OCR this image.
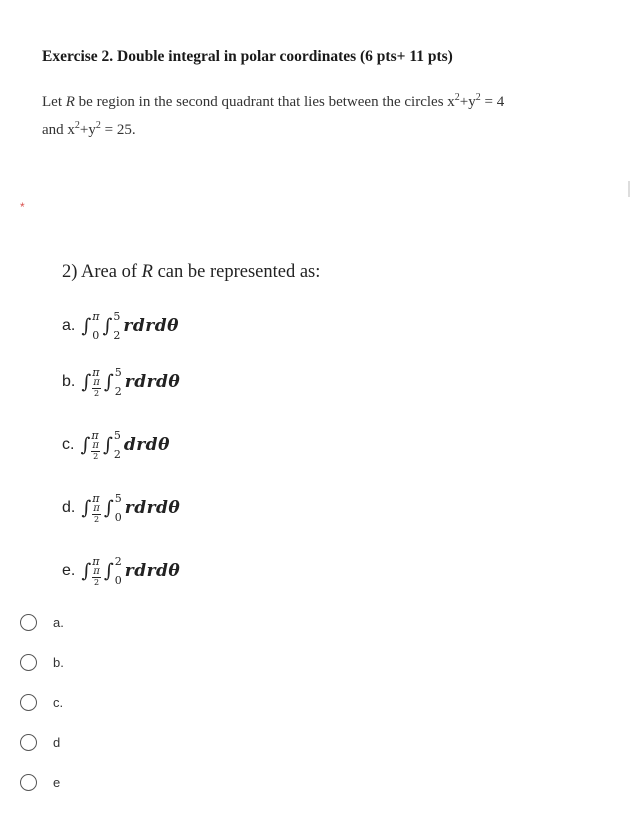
Exercise 2. Double integral in polar coordinates (6 pts+ 11 pts)
Let R be region in the second quadrant that lies between the circles $x^2+y^2 = 4$
and $x^2+y^2 = 25$.
*
2) Area of R can be represented as:
a. ∫ π
0 ∫ 5
2 rdrdθ
b. ∫ π
$\frac{\pi}{2}$ ∫ 5
2 rdrdθ
c. ∫ π
$\frac{\pi}{2}$ ∫ 5
2 drdθ
d. ∫ π
$\frac{\pi}{2}$ ∫ 5
0 rdrdθ
e. ∫ π
$\frac{\pi}{2}$ ∫ 2
0 rdrdθ
a.
b.
c.
d
e
